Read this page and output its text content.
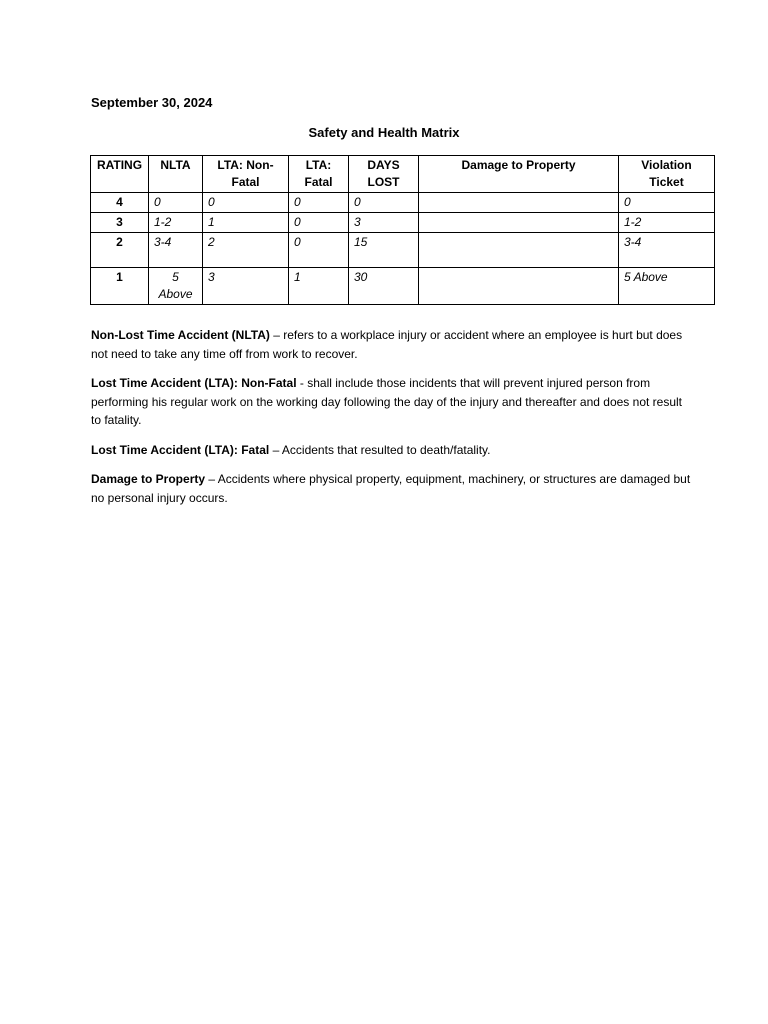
September 30, 2024
Safety and Health Matrix
RATING	NLTA	LTA: Non-Fatal	LTA: Fatal	DAYS LOST	Damage to Property	Violation Ticket
4	0	0	0	0		0
3	1-2	1	0	3		1-2
2	3-4	2	0	15		3-4
1	5 Above	3	1	30		5 Above

Non-Lost Time Accident (NLTA) – refers to a workplace injury or accident where an employee is hurt but does not need to take any time off from work to recover.

Lost Time Accident (LTA): Non-Fatal - shall include those incidents that will prevent injured person from performing his regular work on the working day following the day of the injury and thereafter and does not result to fatality.

Lost Time Accident (LTA): Fatal – Accidents that resulted to death/fatality.

Damage to Property – Accidents where physical property, equipment, machinery, or structures are damaged but no personal injury occurs.
